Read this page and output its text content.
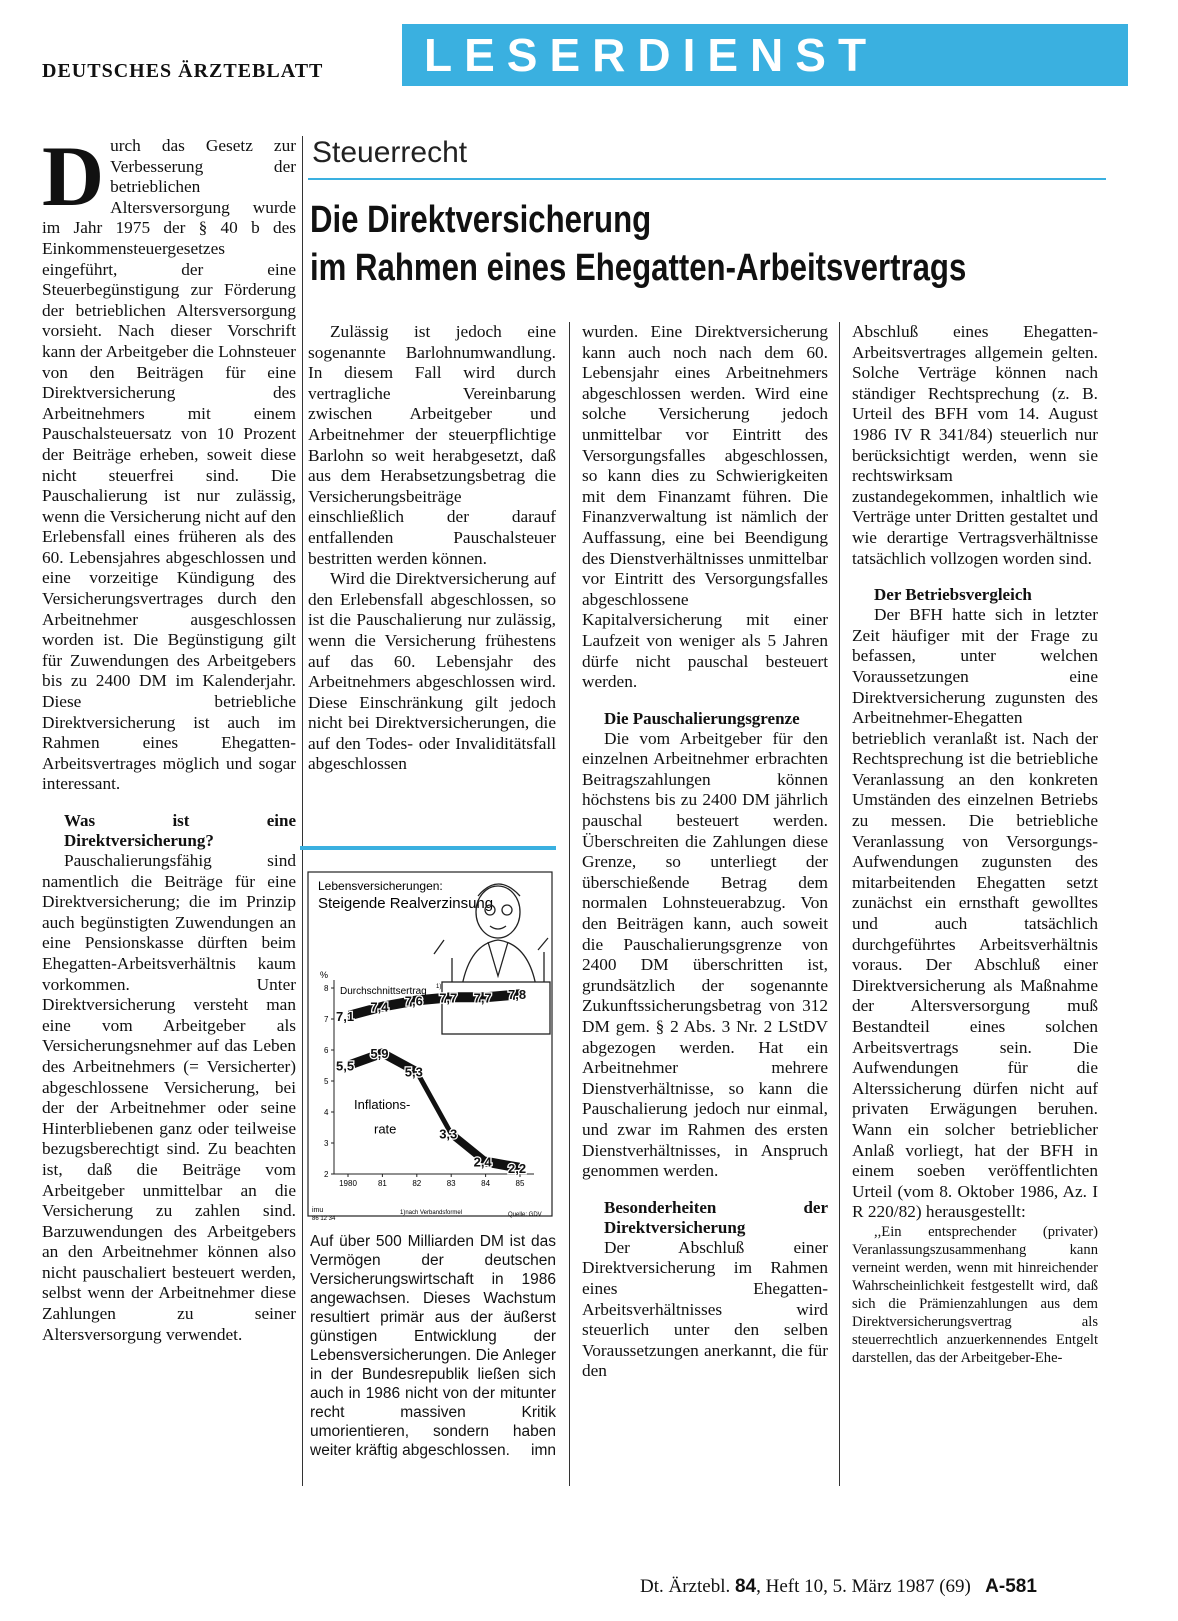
DEUTSCHES ÄRZTEBLATT LESERDIENST
Steuerrecht
Die Direktversicherung
im Rahmen eines Ehegatten-Arbeitsvertrags

Durch das Gesetz zur Verbesserung der betrieblichen Altersversorgung wurde im Jahr 1975 der § 40 b des Einkommensteuergesetzes eingeführt, der eine Steuerbegünstigung zur Förderung der betrieblichen Altersversorgung vorsieht. Nach dieser Vorschrift kann der Arbeitgeber die Lohnsteuer von den Beiträgen für eine Direktversicherung des Arbeitnehmers mit einem Pauschalsteuersatz von 10 Prozent der Beiträge erheben, soweit diese nicht steuerfrei sind. Die Pauschalierung ist nur zulässig, wenn die Versicherung nicht auf den Erlebensfall eines früheren als des 60. Lebensjahres abgeschlossen und eine vorzeitige Kündigung des Versicherungsvertrages durch den Arbeitnehmer ausgeschlossen worden ist. Die Begünstigung gilt für Zuwendungen des Arbeitgebers bis zu 2400 DM im Kalenderjahr. Diese betriebliche Direktversicherung ist auch im Rahmen eines Ehegatten-Arbeitsvertrages möglich und sogar interessant.

Was ist eine Direktversicherung?

Pauschalierungsfähig sind namentlich die Beiträge für eine Direktversicherung; die im Prinzip auch begünstigten Zuwendungen an eine Pensionskasse dürften beim Ehegatten-Arbeitsverhältnis kaum vorkommen. Unter Direktversicherung versteht man eine vom Arbeitgeber als Versicherungsnehmer auf das Leben des Arbeitnehmers (= Versicherter) abgeschlossene Versicherung, bei der der Arbeitnehmer oder seine Hinterbliebenen ganz oder teilweise bezugsberechtigt sind. Zu beachten ist, daß die Beiträge vom Arbeitgeber unmittelbar an die Versicherung zu zahlen sind. Barzuwendungen des Arbeitgebers an den Arbeitnehmer können also nicht pauschaliert besteuert werden, selbst wenn der Arbeitnehmer diese Zahlungen zu seiner Altersversorgung verwendet.

Zulässig ist jedoch eine sogenannte Barlohnumwandlung. In diesem Fall wird durch vertragliche Vereinbarung zwischen Arbeitgeber und Arbeitnehmer der steuerpflichtige Barlohn so weit herabgesetzt, daß aus dem Herabsetzungsbetrag die Versicherungsbeiträge einschließlich der darauf entfallenden Pauschalsteuer bestritten werden können.

Wird die Direktversicherung auf den Erlebensfall abgeschlossen, so ist die Pauschalierung nur zulässig, wenn die Versicherung frühestens auf das 60. Lebensjahr des Arbeitnehmers abgeschlossen wird. Diese Einschränkung gilt jedoch nicht bei Direktversicherungen, die auf den Todes- oder Invaliditätsfall abgeschlossen

Lebensversicherungen:
Steigende Realverzinsung
%
8
7
6
5
4
3
2
1980	81	82	83	84	85
7,1
7,4 7,6 7,7 7,7 7,8
5,5
5,9
5,3
3,3
2,4 2,2
Durchschnittsertrag 1)
Inflations-
rate
imu
86 12 34
1)nach Verbandsformel	Quelle: GDV
Auf über 500 Milliarden DM ist das Vermögen der deutschen Versicherungswirtschaft in 1986 angewachsen. Dieses Wachstum resultiert primär aus der äußerst günstigen Entwicklung der Lebensversicherungen. Die Anleger in der Bundesrepublik ließen sich auch in 1986 nicht von der mitunter recht massiven Kritik umorientieren, sondern haben weiter kräftig abgeschlossen. imn

wurden. Eine Direktversicherung kann auch noch nach dem 60. Lebensjahr eines Arbeitnehmers abgeschlossen werden. Wird eine solche Versicherung jedoch unmittelbar vor Eintritt des Versorgungsfalles abgeschlossen, so kann dies zu Schwierigkeiten mit dem Finanzamt führen. Die Finanzverwaltung ist nämlich der Auffassung, eine bei Beendigung des Dienstverhältnisses unmittelbar vor Eintritt des Versorgungsfalles abgeschlossene Kapitalversicherung mit einer Laufzeit von weniger als 5 Jahren dürfe nicht pauschal besteuert werden.

Die Pauschalierungsgrenze

Die vom Arbeitgeber für den einzelnen Arbeitnehmer erbrachten Beitragszahlungen können höchstens bis zu 2400 DM jährlich pauschal besteuert werden. Überschreiten die Zahlungen diese Grenze, so unterliegt der überschießende Betrag dem normalen Lohnsteuerabzug. Von den Beiträgen kann, auch soweit die Pauschalierungsgrenze von 2400 DM überschritten ist, grundsätzlich der sogenannte Zukunftssicherungsbetrag von 312 DM gem. § 2 Abs. 3 Nr. 2 LStDV abgezogen werden. Hat ein Arbeitnehmer mehrere Dienstverhältnisse, so kann die Pauschalierung jedoch nur einmal, und zwar im Rahmen des ersten Dienstverhältnisses, in Anspruch genommen werden.

Besonderheiten der Direktversicherung

Der Abschluß einer Direktversicherung im Rahmen eines Ehegatten-Arbeitsverhältnisses wird steuerlich unter den selben Voraussetzungen anerkannt, die für den

Abschluß eines Ehegatten-Arbeitsvertrages allgemein gelten. Solche Verträge können nach ständiger Rechtsprechung (z. B. Urteil des BFH vom 14. August 1986 IV R 341/84) steuerlich nur berücksichtigt werden, wenn sie rechtswirksam zustandegekommen, inhaltlich wie Verträge unter Dritten gestaltet und wie derartige Vertragsverhältnisse tatsächlich vollzogen worden sind.

Der Betriebsvergleich

Der BFH hatte sich in letzter Zeit häufiger mit der Frage zu befassen, unter welchen Voraussetzungen eine Direktversicherung zugunsten des Arbeitnehmer-Ehegatten betrieblich veranlaßt ist. Nach der Rechtsprechung ist die betriebliche Veranlassung an den konkreten Umständen des einzelnen Betriebs zu messen. Die betriebliche Veranlassung von Versorgungs-Aufwendungen zugunsten des mitarbeitenden Ehegatten setzt zunächst ein ernsthaft gewolltes und auch tatsächlich durchgeführtes Arbeitsverhältnis voraus. Der Abschluß einer Direktversicherung als Maßnahme der Altersversorgung muß Bestandteil eines solchen Arbeitsvertrags sein. Die Aufwendungen für die Alterssicherung dürfen nicht auf privaten Erwägungen beruhen. Wann ein solcher betrieblicher Anlaß vorliegt, hat der BFH in einem soeben veröffentlichten Urteil (vom 8. Oktober 1986, Az. I R 220/82) herausgestellt:

,,Ein entsprechender (privater) Veranlassungszusammenhang kann verneint werden, wenn mit hinreichender Wahrscheinlichkeit festgestellt wird, daß sich die Prämienzahlungen aus dem Direktversicherungsvertrag als steuerrechtlich anzuerkennendes Entgelt darstellen, das der Arbeitgeber-Ehe-

Dt. Ärztebl. 84, Heft 10, 5. März 1987 (69) A-581
